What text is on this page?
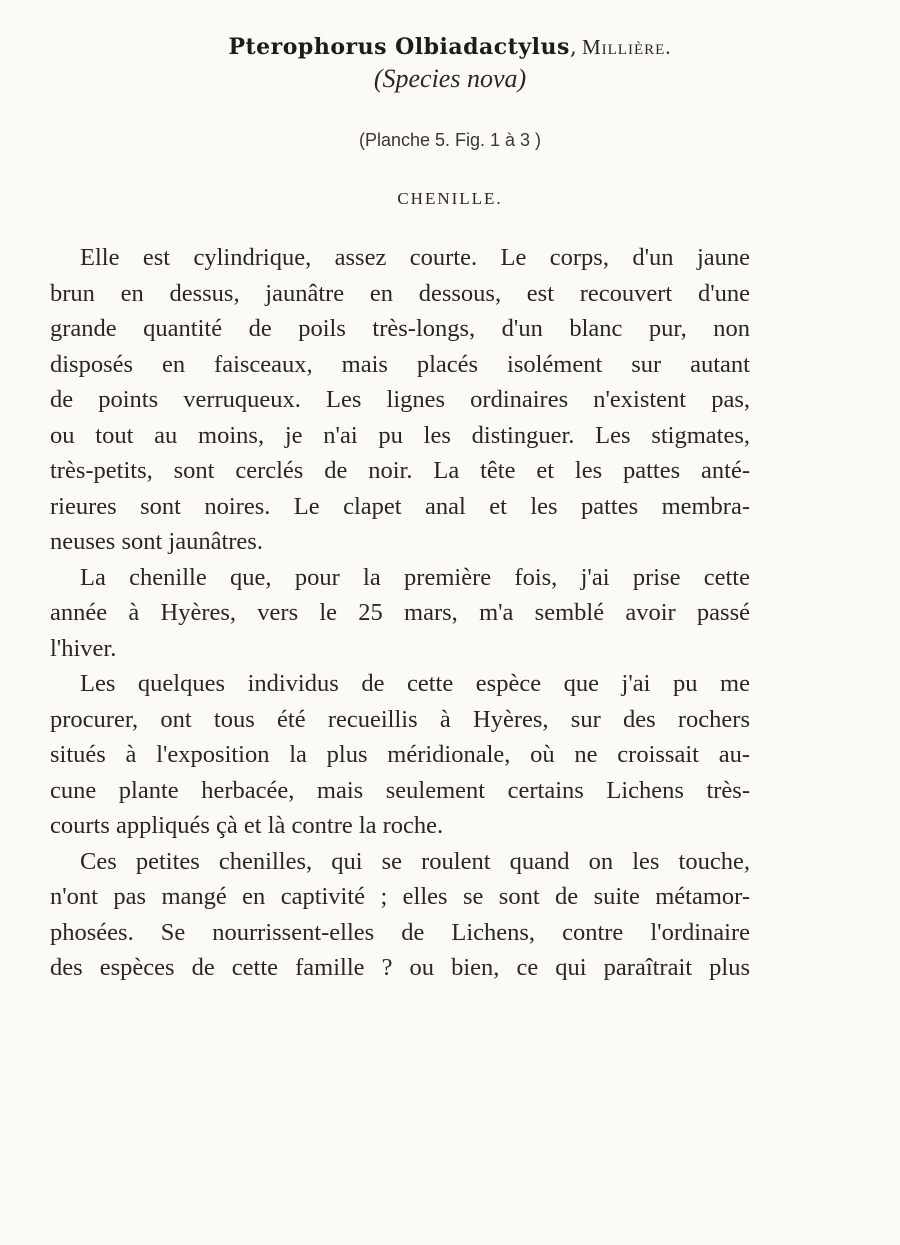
Pterophorus Olbiadactylus, Millière.
(Species nova)
(Planche 5. Fig. 1 à 3 )
CHENILLE.
Elle est cylindrique, assez courte. Le corps, d'un jaune
brun en dessus, jaunâtre en dessous, est recouvert d'une
grande quantité de poils très-longs, d'un blanc pur, non
disposés en faisceaux, mais placés isolément sur autant
de points verruqueux. Les lignes ordinaires n'existent pas,
ou tout au moins, je n'ai pu les distinguer. Les stigmates,
très-petits, sont cerclés de noir. La tête et les pattes anté-
rieures sont noires. Le clapet anal et les pattes membra-
neuses sont jaunâtres.
La chenille que, pour la première fois, j'ai prise cette
année à Hyères, vers le 25 mars, m'a semblé avoir passé
l'hiver.
Les quelques individus de cette espèce que j'ai pu me
procurer, ont tous été recueillis à Hyères, sur des rochers
situés à l'exposition la plus méridionale, où ne croissait au-
cune plante herbacée, mais seulement certains Lichens très-
courts appliqués çà et là contre la roche.
Ces petites chenilles, qui se roulent quand on les touche,
n'ont pas mangé en captivité ; elles se sont de suite métamor-
phosées. Se nourrissent-elles de Lichens, contre l'ordinaire
des espèces de cette famille ? ou bien, ce qui paraîtrait plus
